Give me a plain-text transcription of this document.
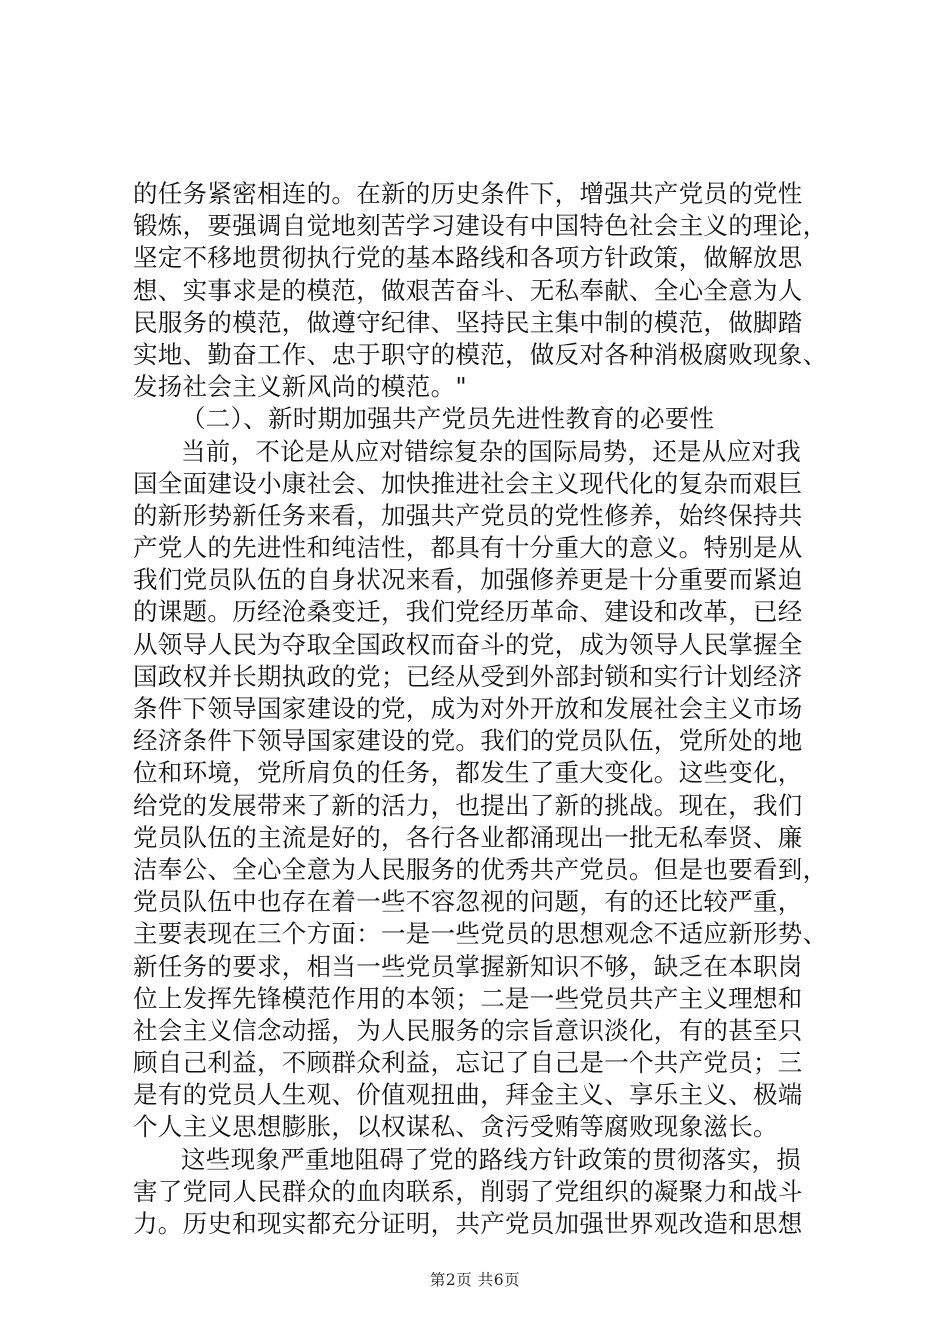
的任务紧密相连的。在新的历史条件下，增强共产党员的党性
锻炼，要强调自觉地刻苦学习建设有中国特色社会主义的理论，
坚定不移地贯彻执行党的基本路线和各项方针政策，做解放思
想、实事求是的模范，做艰苦奋斗、无私奉献、全心全意为人
民服务的模范，做遵守纪律、坚持民主集中制的模范，做脚踏
实地、勤奋工作、忠于职守的模范，做反对各种消极腐败现象、
发扬社会主义新风尚的模范。"
（二）、新时期加强共产党员先进性教育的必要性
当前，不论是从应对错综复杂的国际局势，还是从应对我
国全面建设小康社会、加快推进社会主义现代化的复杂而艰巨
的新形势新任务来看，加强共产党员的党性修养，始终保持共
产党人的先进性和纯洁性，都具有十分重大的意义。特别是从
我们党员队伍的自身状况来看，加强修养更是十分重要而紧迫
的课题。历经沧桑变迁，我们党经历革命、建设和改革，已经
从领导人民为夺取全国政权而奋斗的党，成为领导人民掌握全
国政权并长期执政的党；已经从受到外部封锁和实行计划经济
条件下领导国家建设的党，成为对外开放和发展社会主义市场
经济条件下领导国家建设的党。我们的党员队伍，党所处的地
位和环境，党所肩负的任务，都发生了重大变化。这些变化，
给党的发展带来了新的活力，也提出了新的挑战。现在，我们
党员队伍的主流是好的，各行各业都涌现出一批无私奉贤、廉
洁奉公、全心全意为人民服务的优秀共产党员。但是也要看到，
党员队伍中也存在着一些不容忽视的问题，有的还比较严重，
主要表现在三个方面：一是一些党员的思想观念不适应新形势、
新任务的要求，相当一些党员掌握新知识不够，缺乏在本职岗
位上发挥先锋模范作用的本领；二是一些党员共产主义理想和
社会主义信念动摇，为人民服务的宗旨意识淡化，有的甚至只
顾自己利益，不顾群众利益，忘记了自己是一个共产党员；三
是有的党员人生观、价值观扭曲，拜金主义、享乐主义、极端
个人主义思想膨胀，以权谋私、贪污受贿等腐败现象滋长。
这些现象严重地阻碍了党的路线方针政策的贯彻落实，损
害了党同人民群众的血肉联系，削弱了党组织的凝聚力和战斗
力。历史和现实都充分证明，共产党员加强世界观改造和思想
第2页 共6页
